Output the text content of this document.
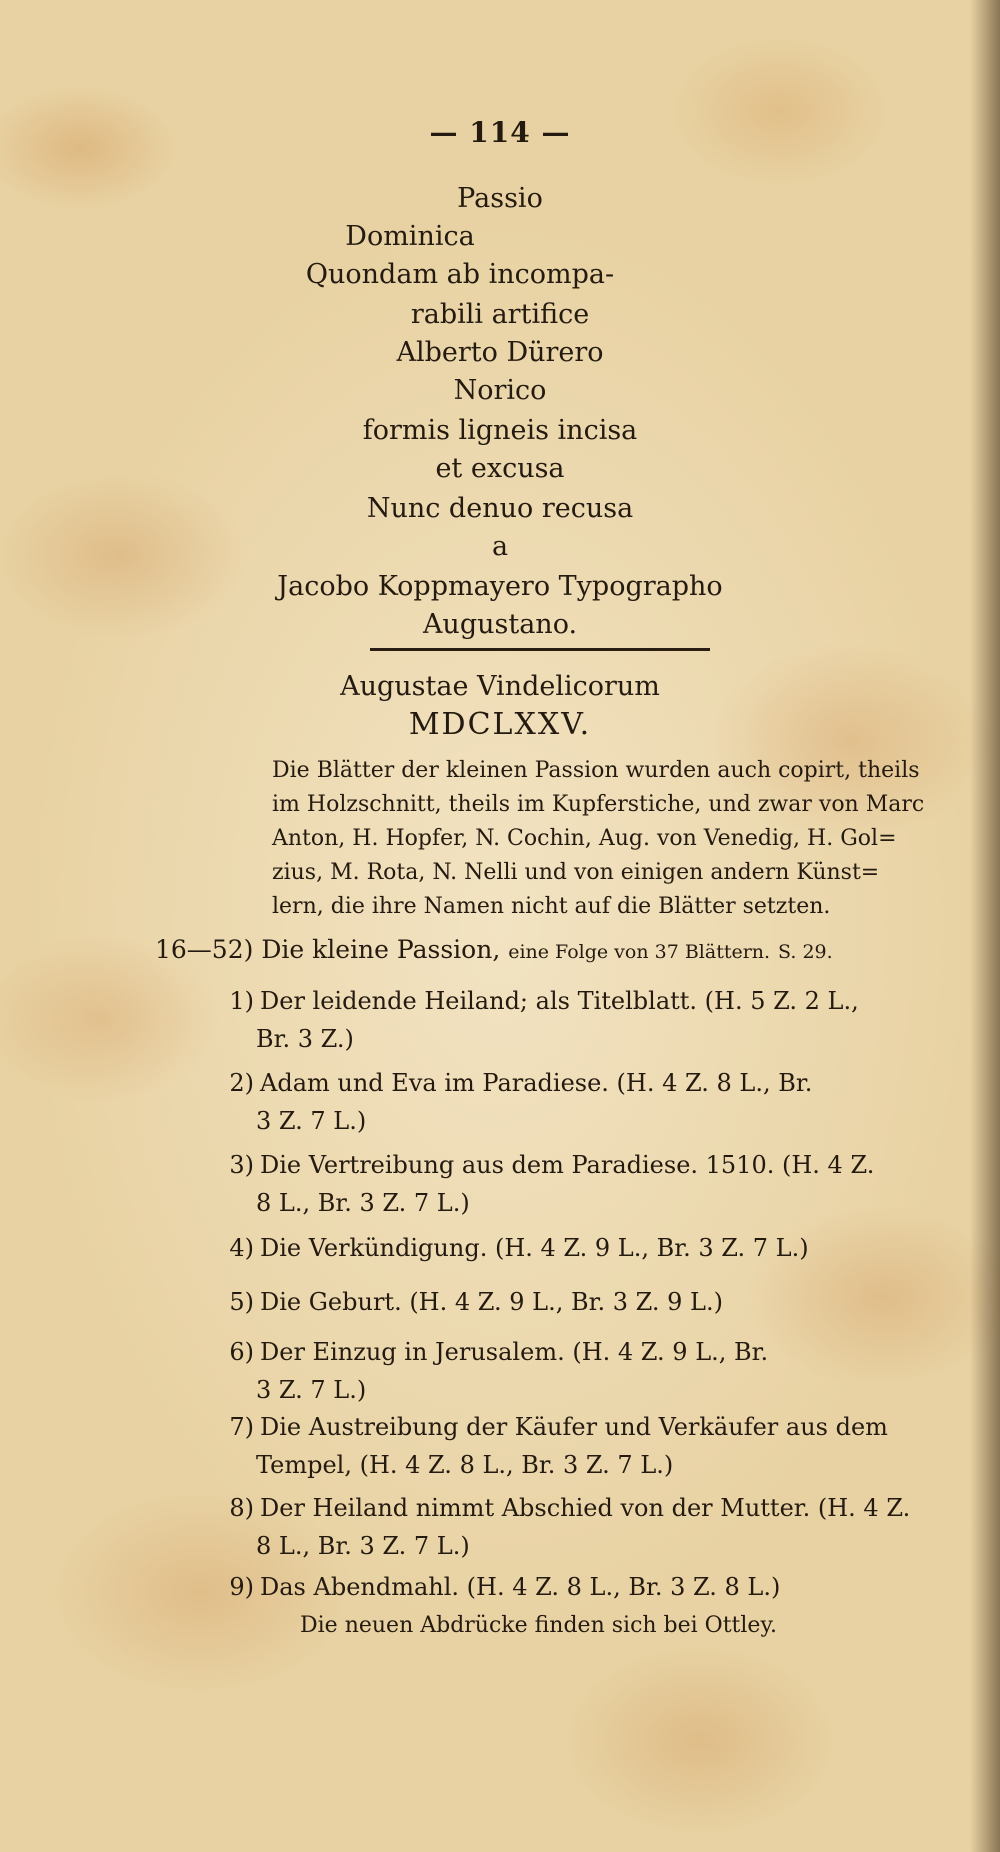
— 114 —
Passio
Dominica
Quondam ab incompa-
rabili artifice
Alberto Dürero
Norico
formis ligneis incisa
et excusa
Nunc denuo recusa
a
Jacobo Koppmayero Typographo
Augustano.
Augustae Vindelicorum
MDCLXXV.

Die Blätter der kleinen Passion wurden auch copirt, theils

im Holzschnitt, theils im Kupferstiche, und zwar von Marc

Anton, H. Hopfer, N. Cochin, Aug. von Venedig, H. Gol=

zius, M. Rota, N. Nelli und von einigen andern Künst=

lern, die ihre Namen nicht auf die Blätter setzten.

16—52) Die kleine Passion, eine Folge von 37 Blättern. S. 29.
1) Der leidende Heiland; als Titelblatt. (H. 5 Z. 2 L.,
Br. 3 Z.)
2) Adam und Eva im Paradiese. (H. 4 Z. 8 L., Br.
3 Z. 7 L.)
3) Die Vertreibung aus dem Paradiese. 1510. (H. 4 Z.
8 L., Br. 3 Z. 7 L.)
4) Die Verkündigung. (H. 4 Z. 9 L., Br. 3 Z. 7 L.)
5) Die Geburt. (H. 4 Z. 9 L., Br. 3 Z. 9 L.)
6) Der Einzug in Jerusalem. (H. 4 Z. 9 L., Br.
3 Z. 7 L.)
7) Die Austreibung der Käufer und Verkäufer aus dem
Tempel, (H. 4 Z. 8 L., Br. 3 Z. 7 L.)
8) Der Heiland nimmt Abschied von der Mutter. (H. 4 Z.
8 L., Br. 3 Z. 7 L.)
9) Das Abendmahl. (H. 4 Z. 8 L., Br. 3 Z. 8 L.)
Die neuen Abdrücke finden sich bei Ottley.
